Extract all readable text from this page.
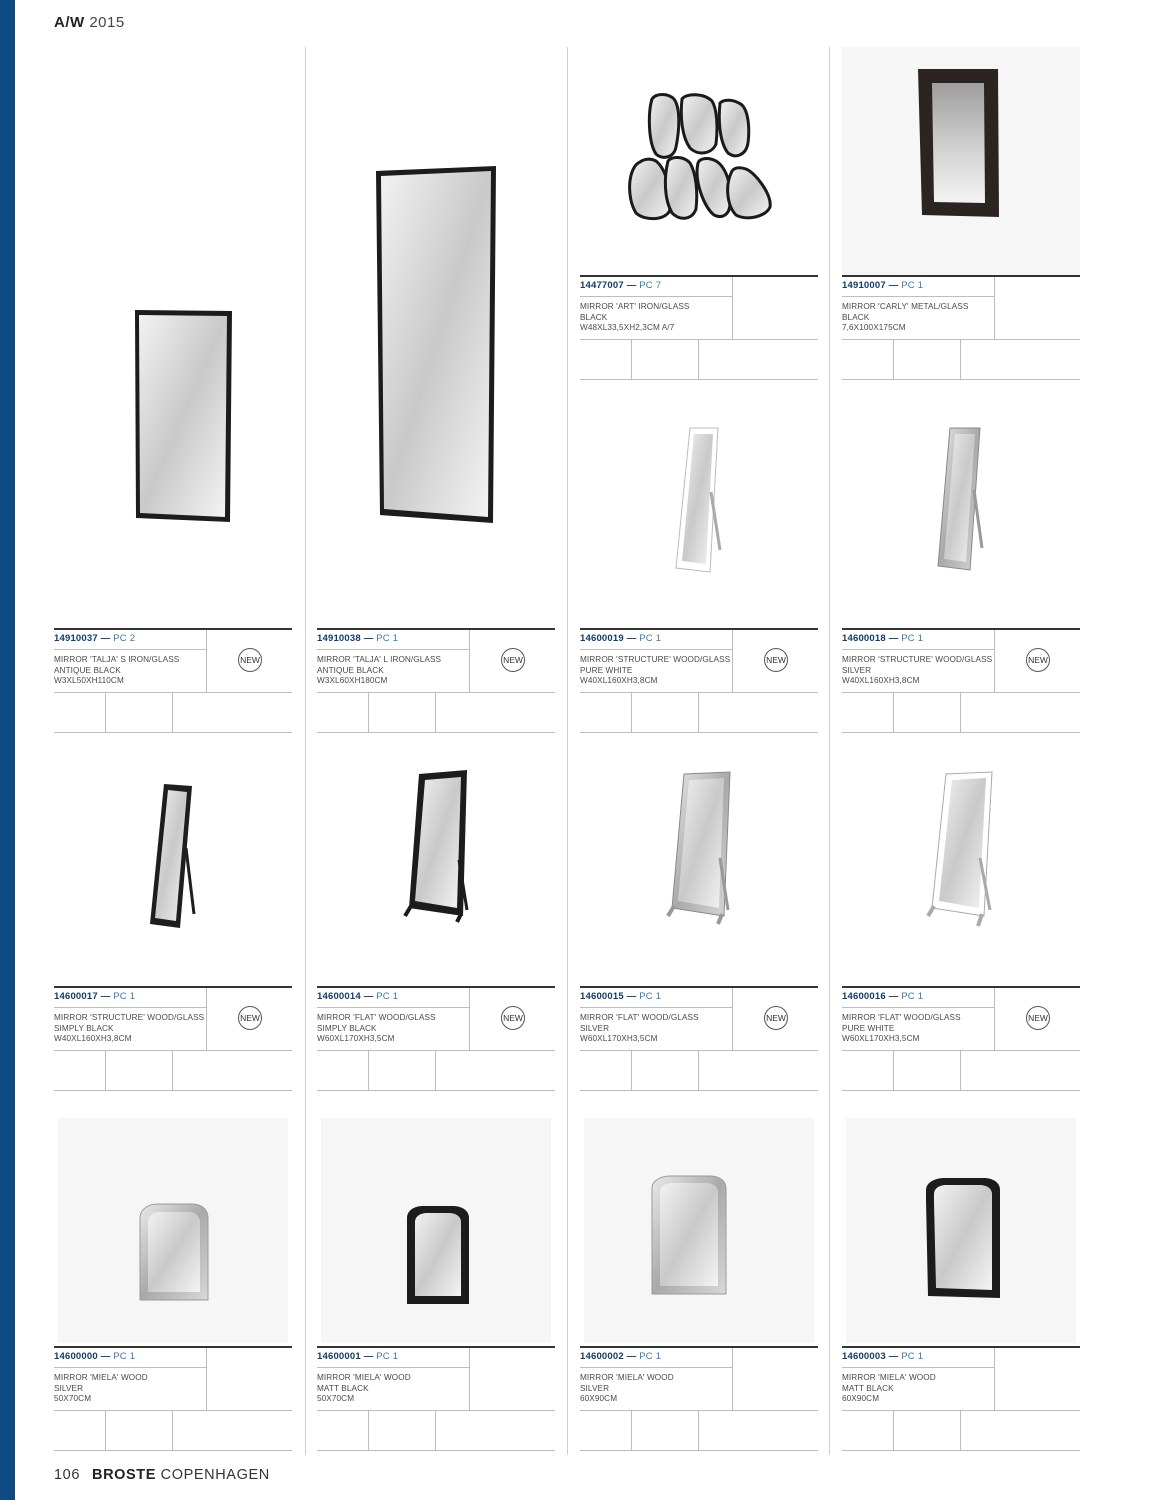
A/W 2015
14477007 — PC 7
MIRROR 'ART' IRON/GLASS
BLACK
W48XL33,5XH2,3CM A/7
14910007 — PC 1
MIRROR 'CARLY' METAL/GLASS
BLACK
7,6X100X175CM
14910037 — PC 2
MIRROR 'TALJA' S IRON/GLASS
ANTIQUE BLACK
W3XL50XH110CM
NEW
14910038 — PC 1
MIRROR 'TALJA' L IRON/GLASS
ANTIQUE BLACK
W3XL60XH180CM
NEW
14600019 — PC 1
MIRROR 'STRUCTURE' WOOD/GLASS
PURE WHITE
W40XL160XH3,8CM
NEW
14600018 — PC 1
MIRROR 'STRUCTURE' WOOD/GLASS
SILVER
W40XL160XH3,8CM
NEW
14600017 — PC 1
MIRROR 'STRUCTURE' WOOD/GLASS
SIMPLY BLACK
W40XL160XH3,8CM
NEW
14600014 — PC 1
MIRROR 'FLAT' WOOD/GLASS
SIMPLY BLACK
W60XL170XH3,5CM
NEW
14600015 — PC 1
MIRROR 'FLAT' WOOD/GLASS
SILVER
W60XL170XH3,5CM
NEW
14600016 — PC 1
MIRROR 'FLAT' WOOD/GLASS
PURE WHITE
W60XL170XH3,5CM
NEW
14600000 — PC 1
MIRROR 'MIELA' WOOD
SILVER
50X70CM
14600001 — PC 1
MIRROR 'MIELA' WOOD
MATT BLACK
50X70CM
14600002 — PC 1
MIRROR 'MIELA' WOOD
SILVER
60X90CM
14600003 — PC 1
MIRROR 'MIELA' WOOD
MATT BLACK
60X90CM
106 BROSTE COPENHAGEN
